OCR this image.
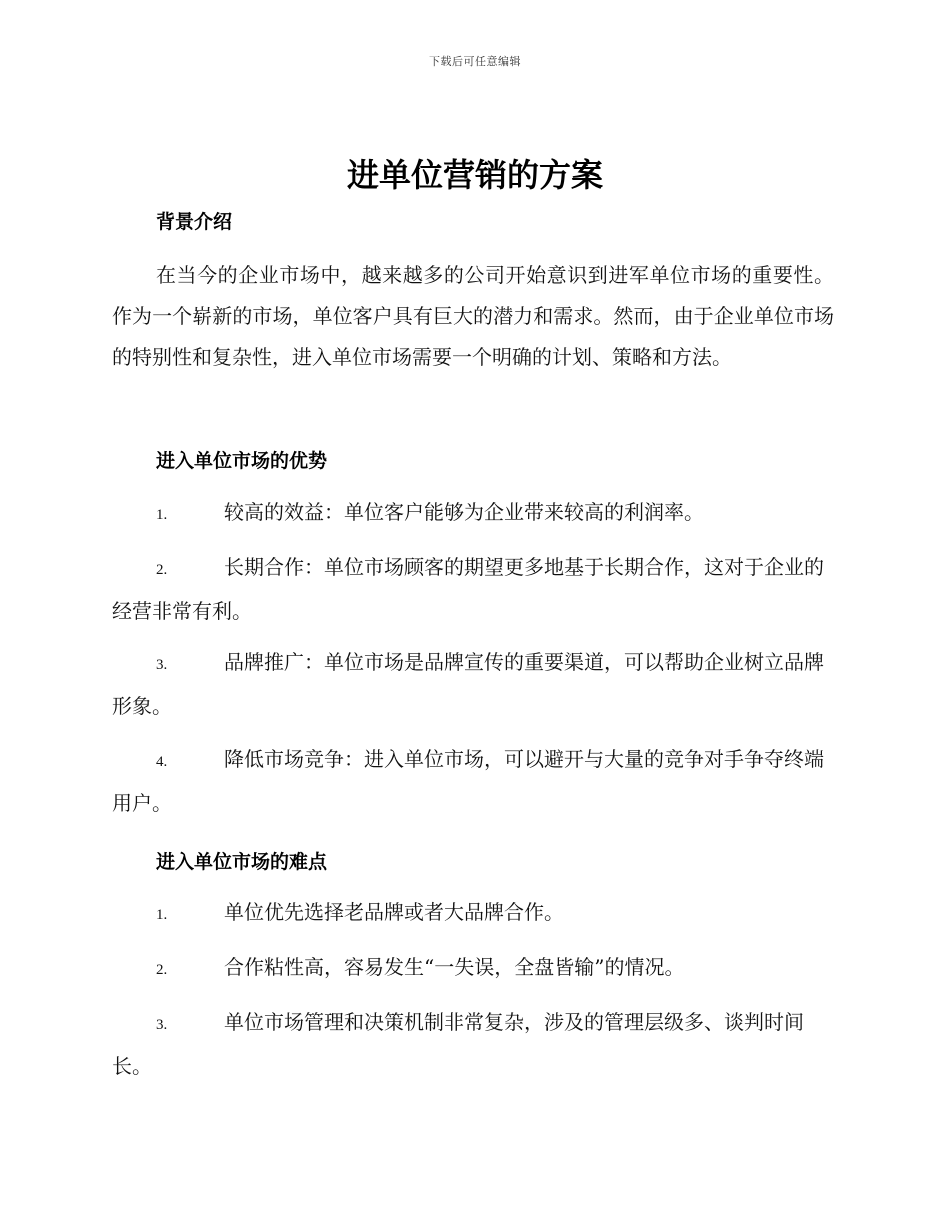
下载后可任意编辑
进单位营销的方案
背景介绍

在当今的企业市场中，越来越多的公司开始意识到进军单位市场的重要性。作为一个崭新的市场，单位客户具有巨大的潜力和需求。然而，由于企业单位市场的特别性和复杂性，进入单位市场需要一个明确的计划、策略和方法。

进入单位市场的优势

1.	较高的效益：单位客户能够为企业带来较高的利润率。

2.	长期合作：单位市场顾客的期望更多地基于长期合作，这对于企业的经营非常有利。

3.	品牌推广：单位市场是品牌宣传的重要渠道，可以帮助企业树立品牌形象。

4.	降低市场竞争：进入单位市场，可以避开与大量的竞争对手争夺终端用户。

进入单位市场的难点

1.	单位优先选择老品牌或者大品牌合作。

2.	合作粘性高，容易发生“一失误，全盘皆输”的情况。

3.	单位市场管理和决策机制非常复杂，涉及的管理层级多、谈判时间长。
